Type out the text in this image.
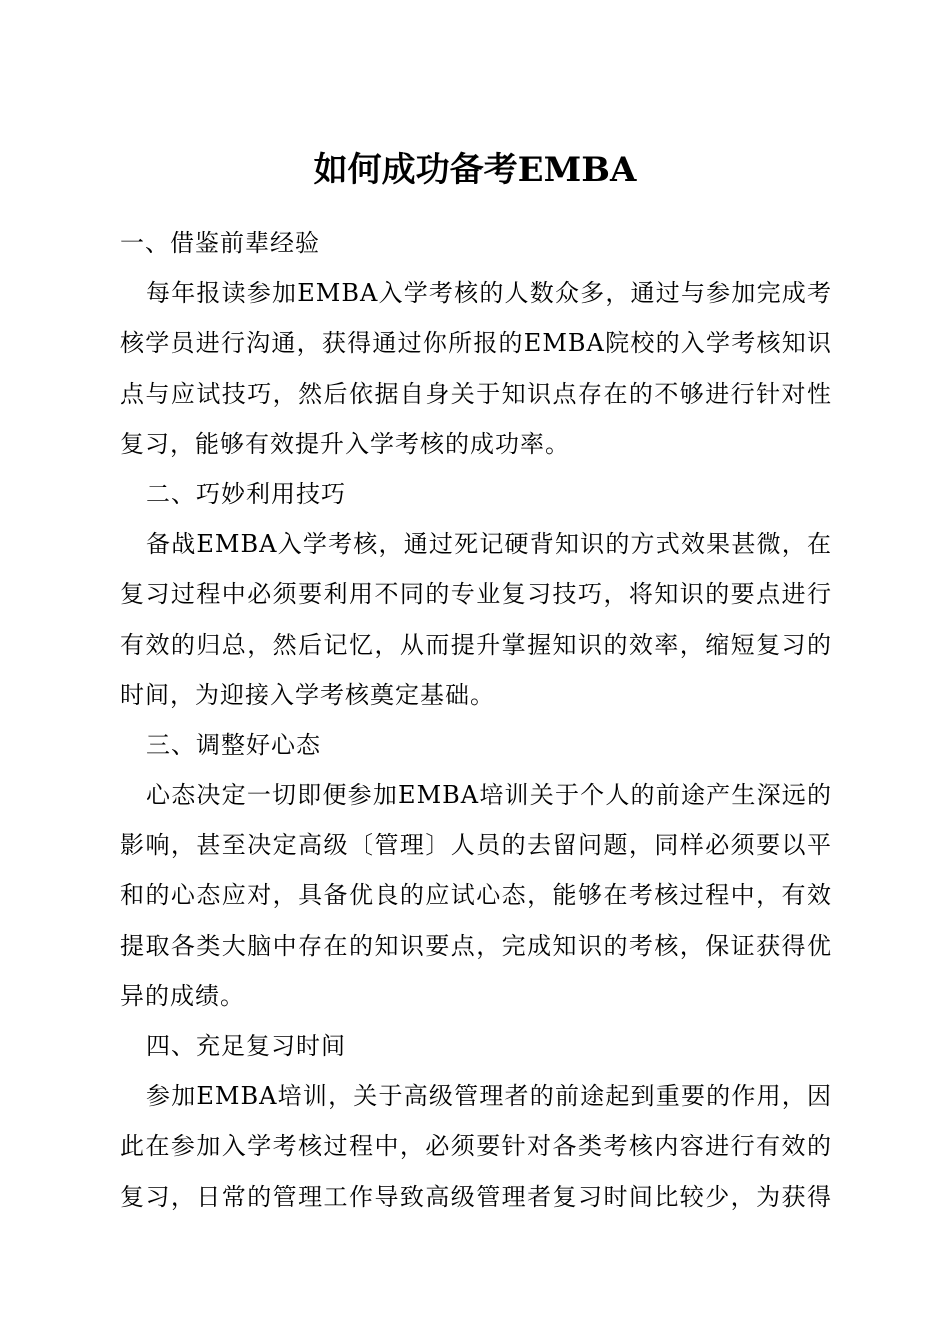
如何成功备考EMBA
一、借鉴前辈经验
每年报读参加EMBA入学考核的人数众多，通过与参加完成考
核学员进行沟通，获得通过你所报的EMBA院校的入学考核知识
点与应试技巧，然后依据自身关于知识点存在的不够进行针对性
复习，能够有效提升入学考核的成功率。
二、巧妙利用技巧
备战EMBA入学考核，通过死记硬背知识的方式效果甚微，在
复习过程中必须要利用不同的专业复习技巧，将知识的要点进行
有效的归总，然后记忆，从而提升掌握知识的效率，缩短复习的
时间，为迎接入学考核奠定基础。
三、调整好心态
心态决定一切即便参加EMBA培训关于个人的前途产生深远的
影响，甚至决定高级〔管理〕人员的去留问题，同样必须要以平
和的心态应对，具备优良的应试心态，能够在考核过程中，有效
提取各类大脑中存在的知识要点，完成知识的考核，保证获得优
异的成绩。
四、充足复习时间
参加EMBA培训，关于高级管理者的前途起到重要的作用，因
此在参加入学考核过程中，必须要针对各类考核内容进行有效的
复习，日常的管理工作导致高级管理者复习时间比较少，为获得
